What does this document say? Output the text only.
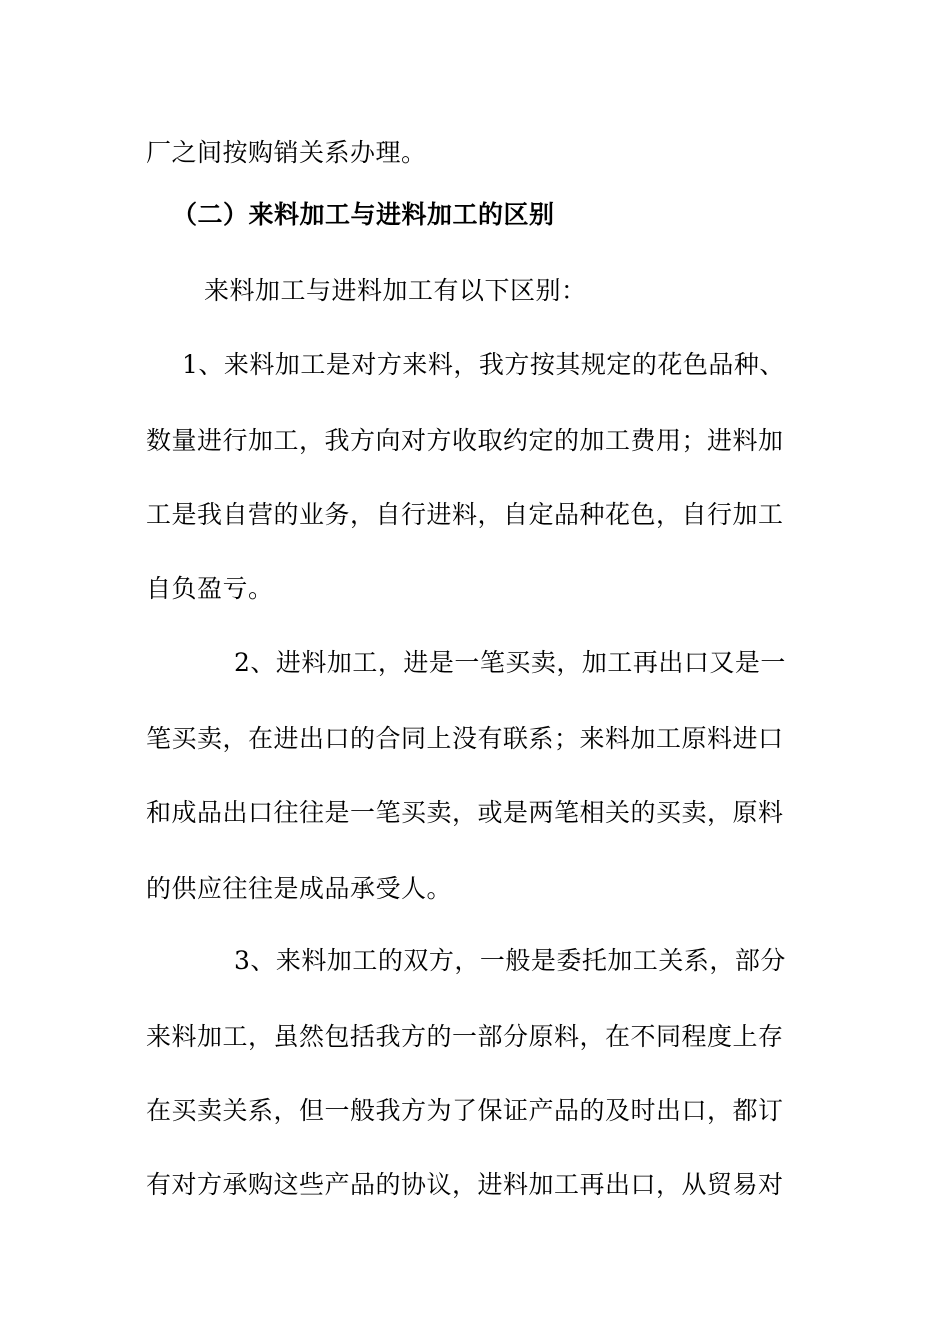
厂之间按购销关系办理。
（二）来料加工与进料加工的区别
来料加工与进料加工有以下区别：
1、来料加工是对方来料，我方按其规定的花色品种、
数量进行加工，我方向对方收取约定的加工费用；进料加
工是我自营的业务，自行进料，自定品种花色，自行加工
自负盈亏。
2、进料加工，进是一笔买卖，加工再出口又是一
笔买卖，在进出口的合同上没有联系；来料加工原料进口
和成品出口往往是一笔买卖，或是两笔相关的买卖，原料
的供应往往是成品承受人。
3、来料加工的双方，一般是委托加工关系，部分
来料加工，虽然包括我方的一部分原料，在不同程度上存
在买卖关系，但一般我方为了保证产品的及时出口，都订
有对方承购这些产品的协议，进料加工再出口，从贸易对
